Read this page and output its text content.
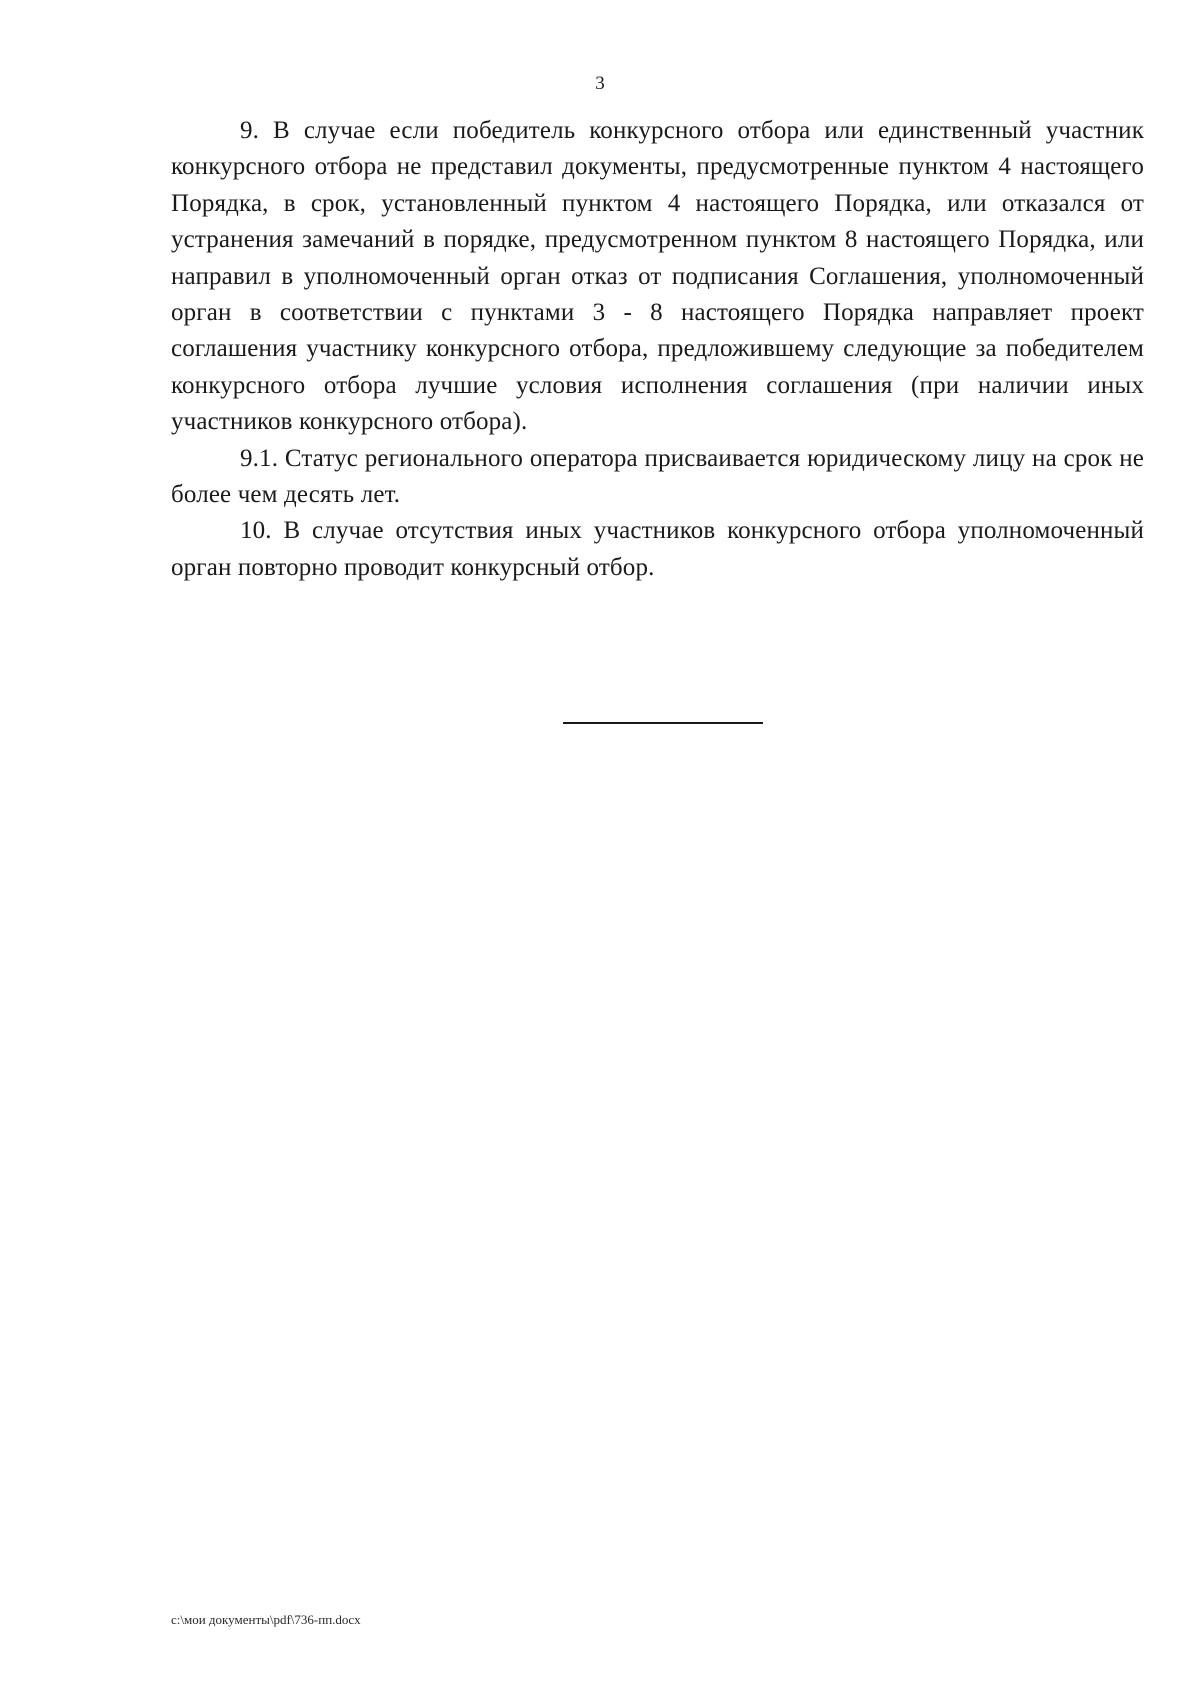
3

9. В случае если победитель конкурсного отбора или единственный участник конкурсного отбора не представил документы, предусмотренные пунктом 4 настоящего Порядка, в срок, установленный пунктом 4 настоящего Порядка, или отказался от устранения замечаний в порядке, предусмотренном пунктом 8 настоящего Порядка, или направил в уполномоченный орган отказ от подписания Соглашения, уполномоченный орган в соответствии с пунктами 3 - 8 настоящего Порядка направляет проект соглашения участнику конкурсного отбора, предложившему следующие за победителем конкурсного отбора лучшие условия исполнения соглашения (при наличии иных участников конкурсного отбора).

9.1. Статус регионального оператора присваивается юридическому лицу на срок не более чем десять лет.

10. В случае отсутствия иных участников конкурсного отбора уполномоченный орган повторно проводит конкурсный отбор.

c:\мои документы\pdf\736-пп.docx
